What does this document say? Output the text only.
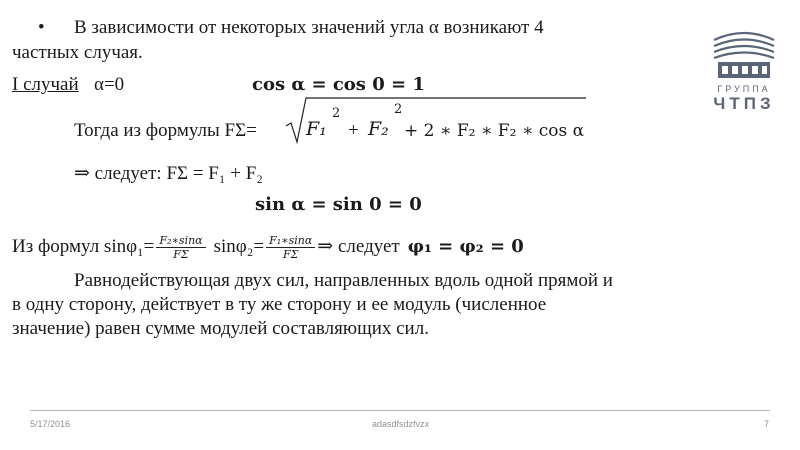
• В зависимости от некоторых значений угла α возникают 4
частных случая.
I случай α=0	cos α = cos 0 = 1
Тогда из формулы FΣ=	F₁
2
+ F₂
2
+ 2 ∗ F₂ ∗ F₂ ∗ cos α
⇒ следует: FΣ = F₁ + F₂
sin α = sin 0 = 0
Из формул $\sin\varphi_1= \frac{\text{F₂∗sinα}}{F\Sigma} \sin\varphi_2= \frac{\text{F₁∗sinα}}{F\Sigma}$ ⇒ следует φ₁ = φ₂ = 0
Равнодействующая двух сил, направленных вдоль одной прямой и
в одну сторону, действует в ту же сторону и ее модуль (численное
значение) равен сумме модулей составляющих сил.
ГРУППА
ЧТПЗ
5/17/2016	adasdfsdzfvzx	7
